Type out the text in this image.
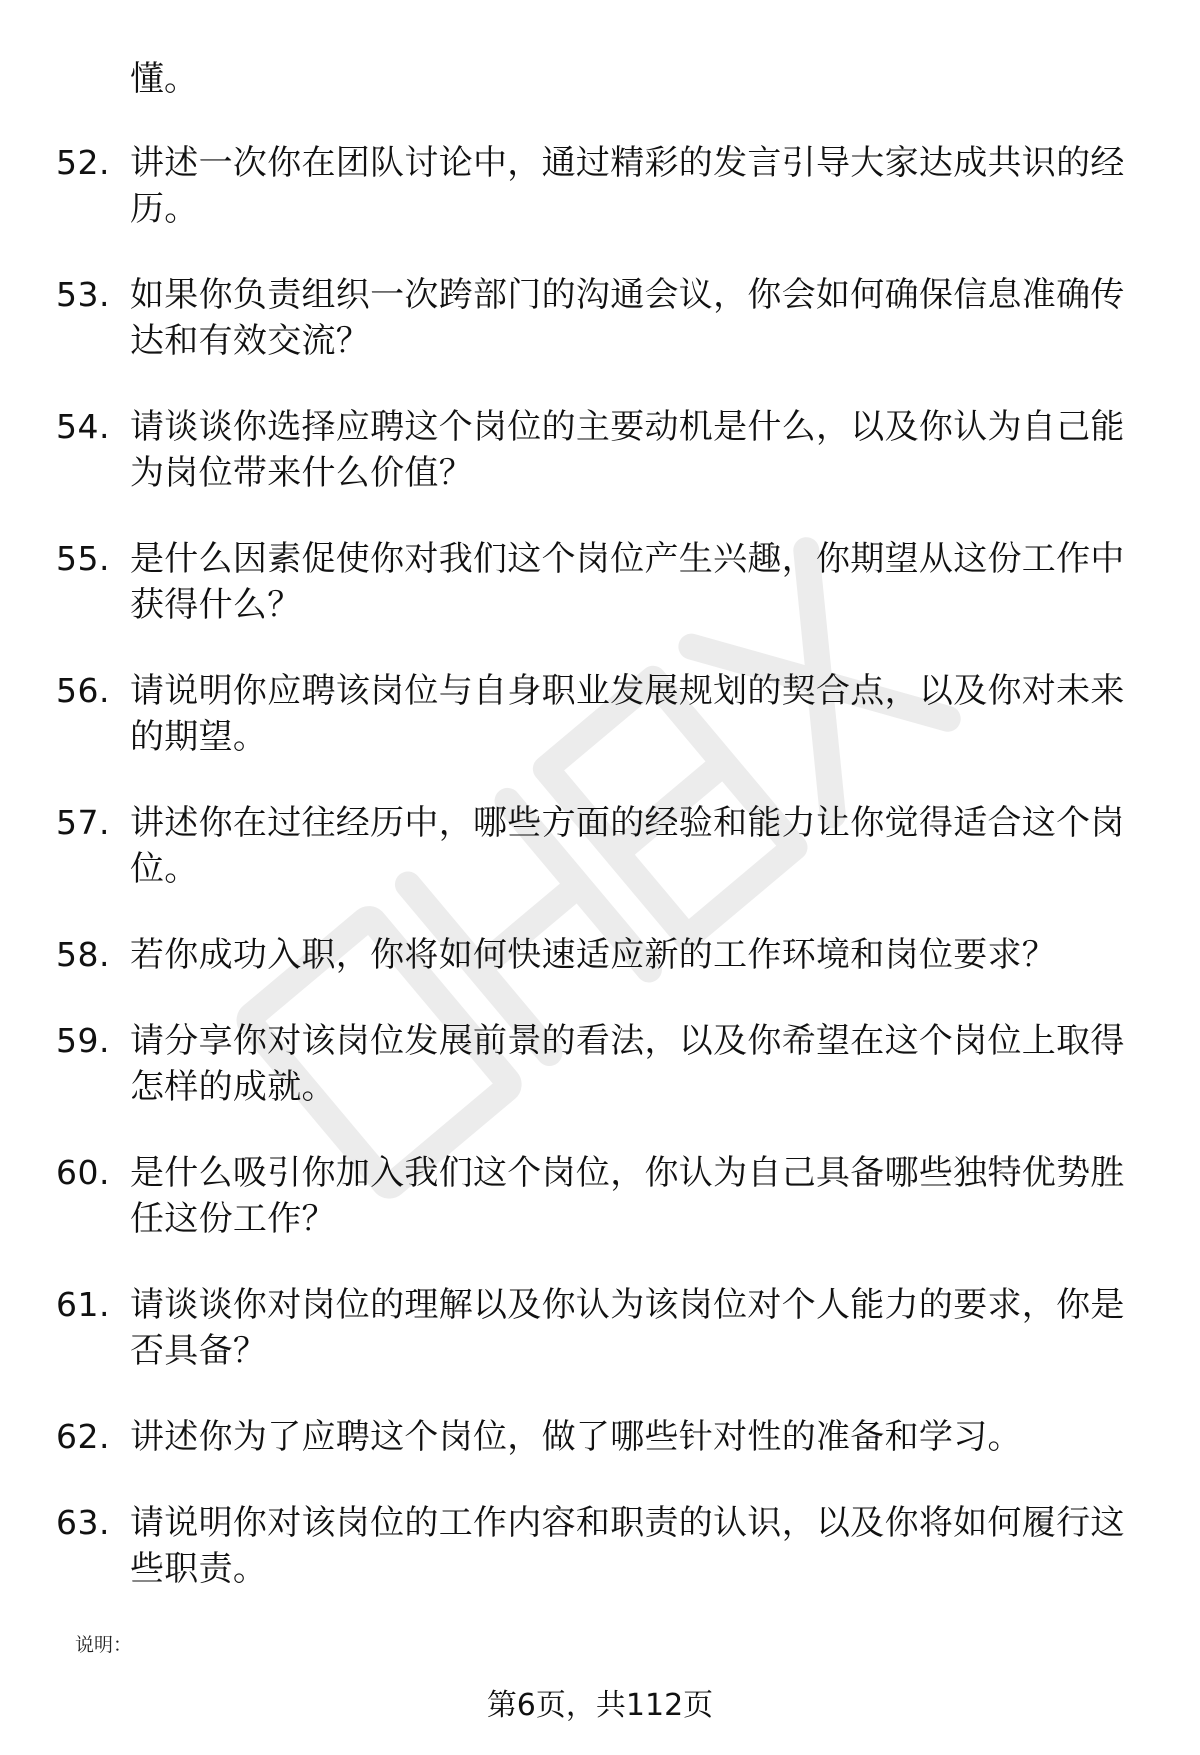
懂。
52. 讲述一次你在团队讨论中，通过精彩的发言引导大家达成共识的经历。
53. 如果你负责组织一次跨部门的沟通会议，你会如何确保信息准确传达和有效交流？
54. 请谈谈你选择应聘这个岗位的主要动机是什么，以及你认为自己能为岗位带来什么价值？
55. 是什么因素促使你对我们这个岗位产生兴趣，你期望从这份工作中获得什么？
56. 请说明你应聘该岗位与自身职业发展规划的契合点，以及你对未来的期望。
57. 讲述你在过往经历中，哪些方面的经验和能力让你觉得适合这个岗位。
58. 若你成功入职，你将如何快速适应新的工作环境和岗位要求？
59. 请分享你对该岗位发展前景的看法，以及你希望在这个岗位上取得怎样的成就。
60. 是什么吸引你加入我们这个岗位，你认为自己具备哪些独特优势胜任这份工作？
61. 请谈谈你对岗位的理解以及你认为该岗位对个人能力的要求，你是否具备？
62. 讲述你为了应聘这个岗位，做了哪些针对性的准备和学习。
63. 请说明你对该岗位的工作内容和职责的认识，以及你将如何履行这些职责。
说明：
第6页，共112页
